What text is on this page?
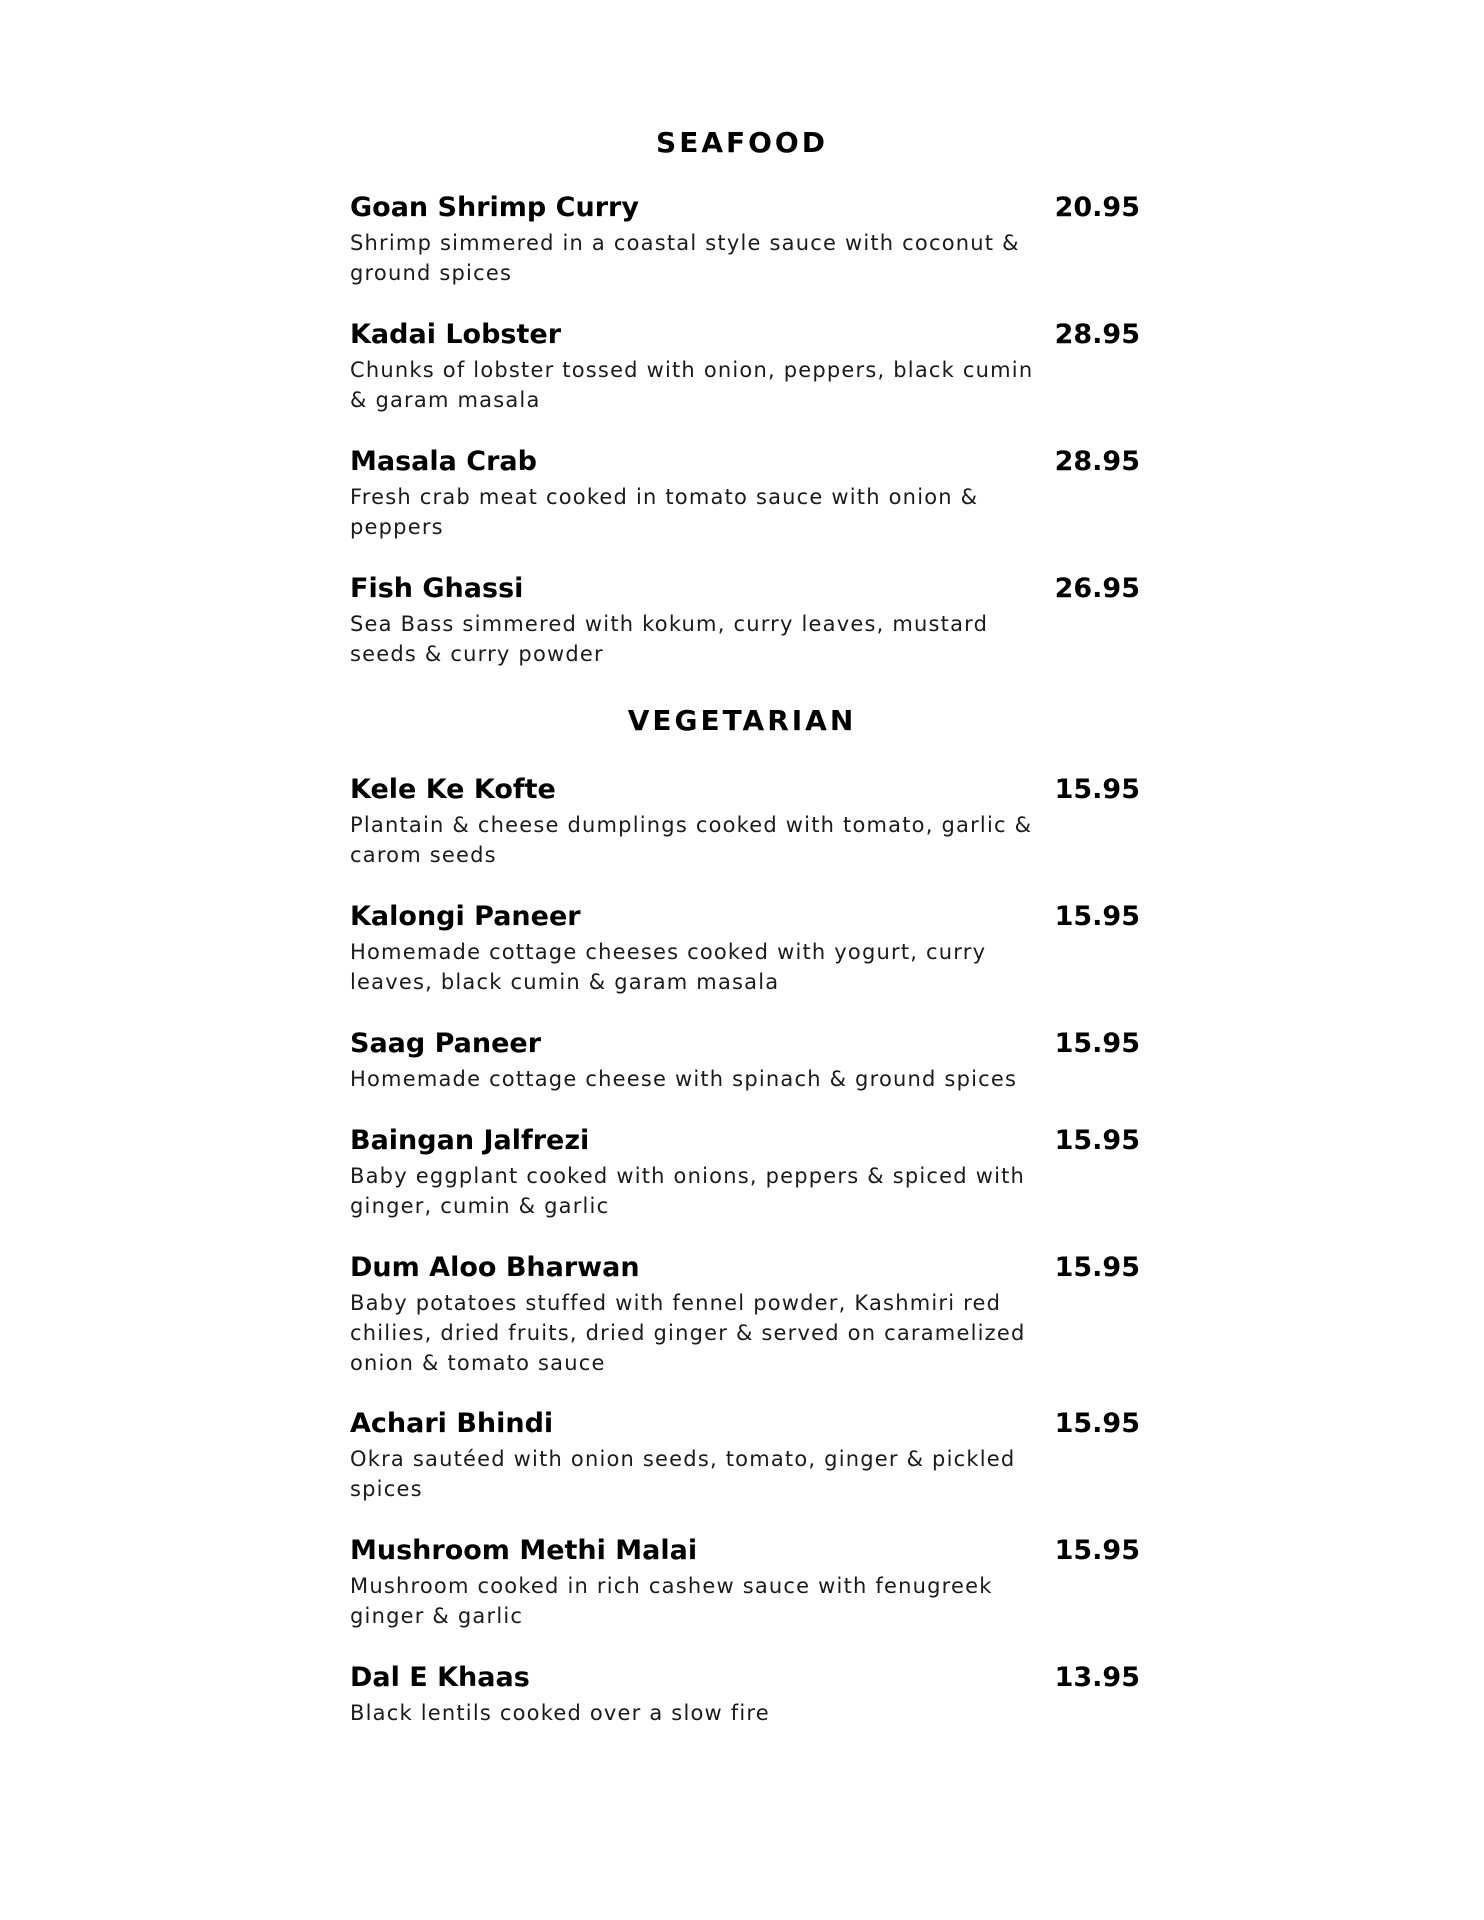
SEAFOOD
Goan Shrimp Curry	20.95
Shrimp simmered in a coastal style sauce with coconut & ground spices
Kadai Lobster	28.95
Chunks of lobster tossed with onion, peppers, black cumin & garam masala
Masala Crab	28.95
Fresh crab meat cooked in tomato sauce with onion & peppers
Fish Ghassi	26.95
Sea Bass simmered with kokum, curry leaves, mustard seeds & curry powder
VEGETARIAN
Kele Ke Kofte	15.95
Plantain & cheese dumplings cooked with tomato, garlic & carom seeds
Kalongi Paneer	15.95
Homemade cottage cheeses cooked with yogurt, curry leaves, black cumin & garam masala
Saag Paneer	15.95
Homemade cottage cheese with spinach & ground spices
Baingan Jalfrezi	15.95
Baby eggplant cooked with onions, peppers & spiced with ginger, cumin & garlic
Dum Aloo Bharwan	15.95
Baby potatoes stuffed with fennel powder, Kashmiri red chilies, dried fruits, dried ginger & served on caramelized onion & tomato sauce
Achari Bhindi	15.95
Okra sautéed with onion seeds, tomato, ginger & pickled spices
Mushroom Methi Malai	15.95
Mushroom cooked in rich cashew sauce with fenugreek ginger & garlic
Dal E Khaas	13.95
Black lentils cooked over a slow fire
